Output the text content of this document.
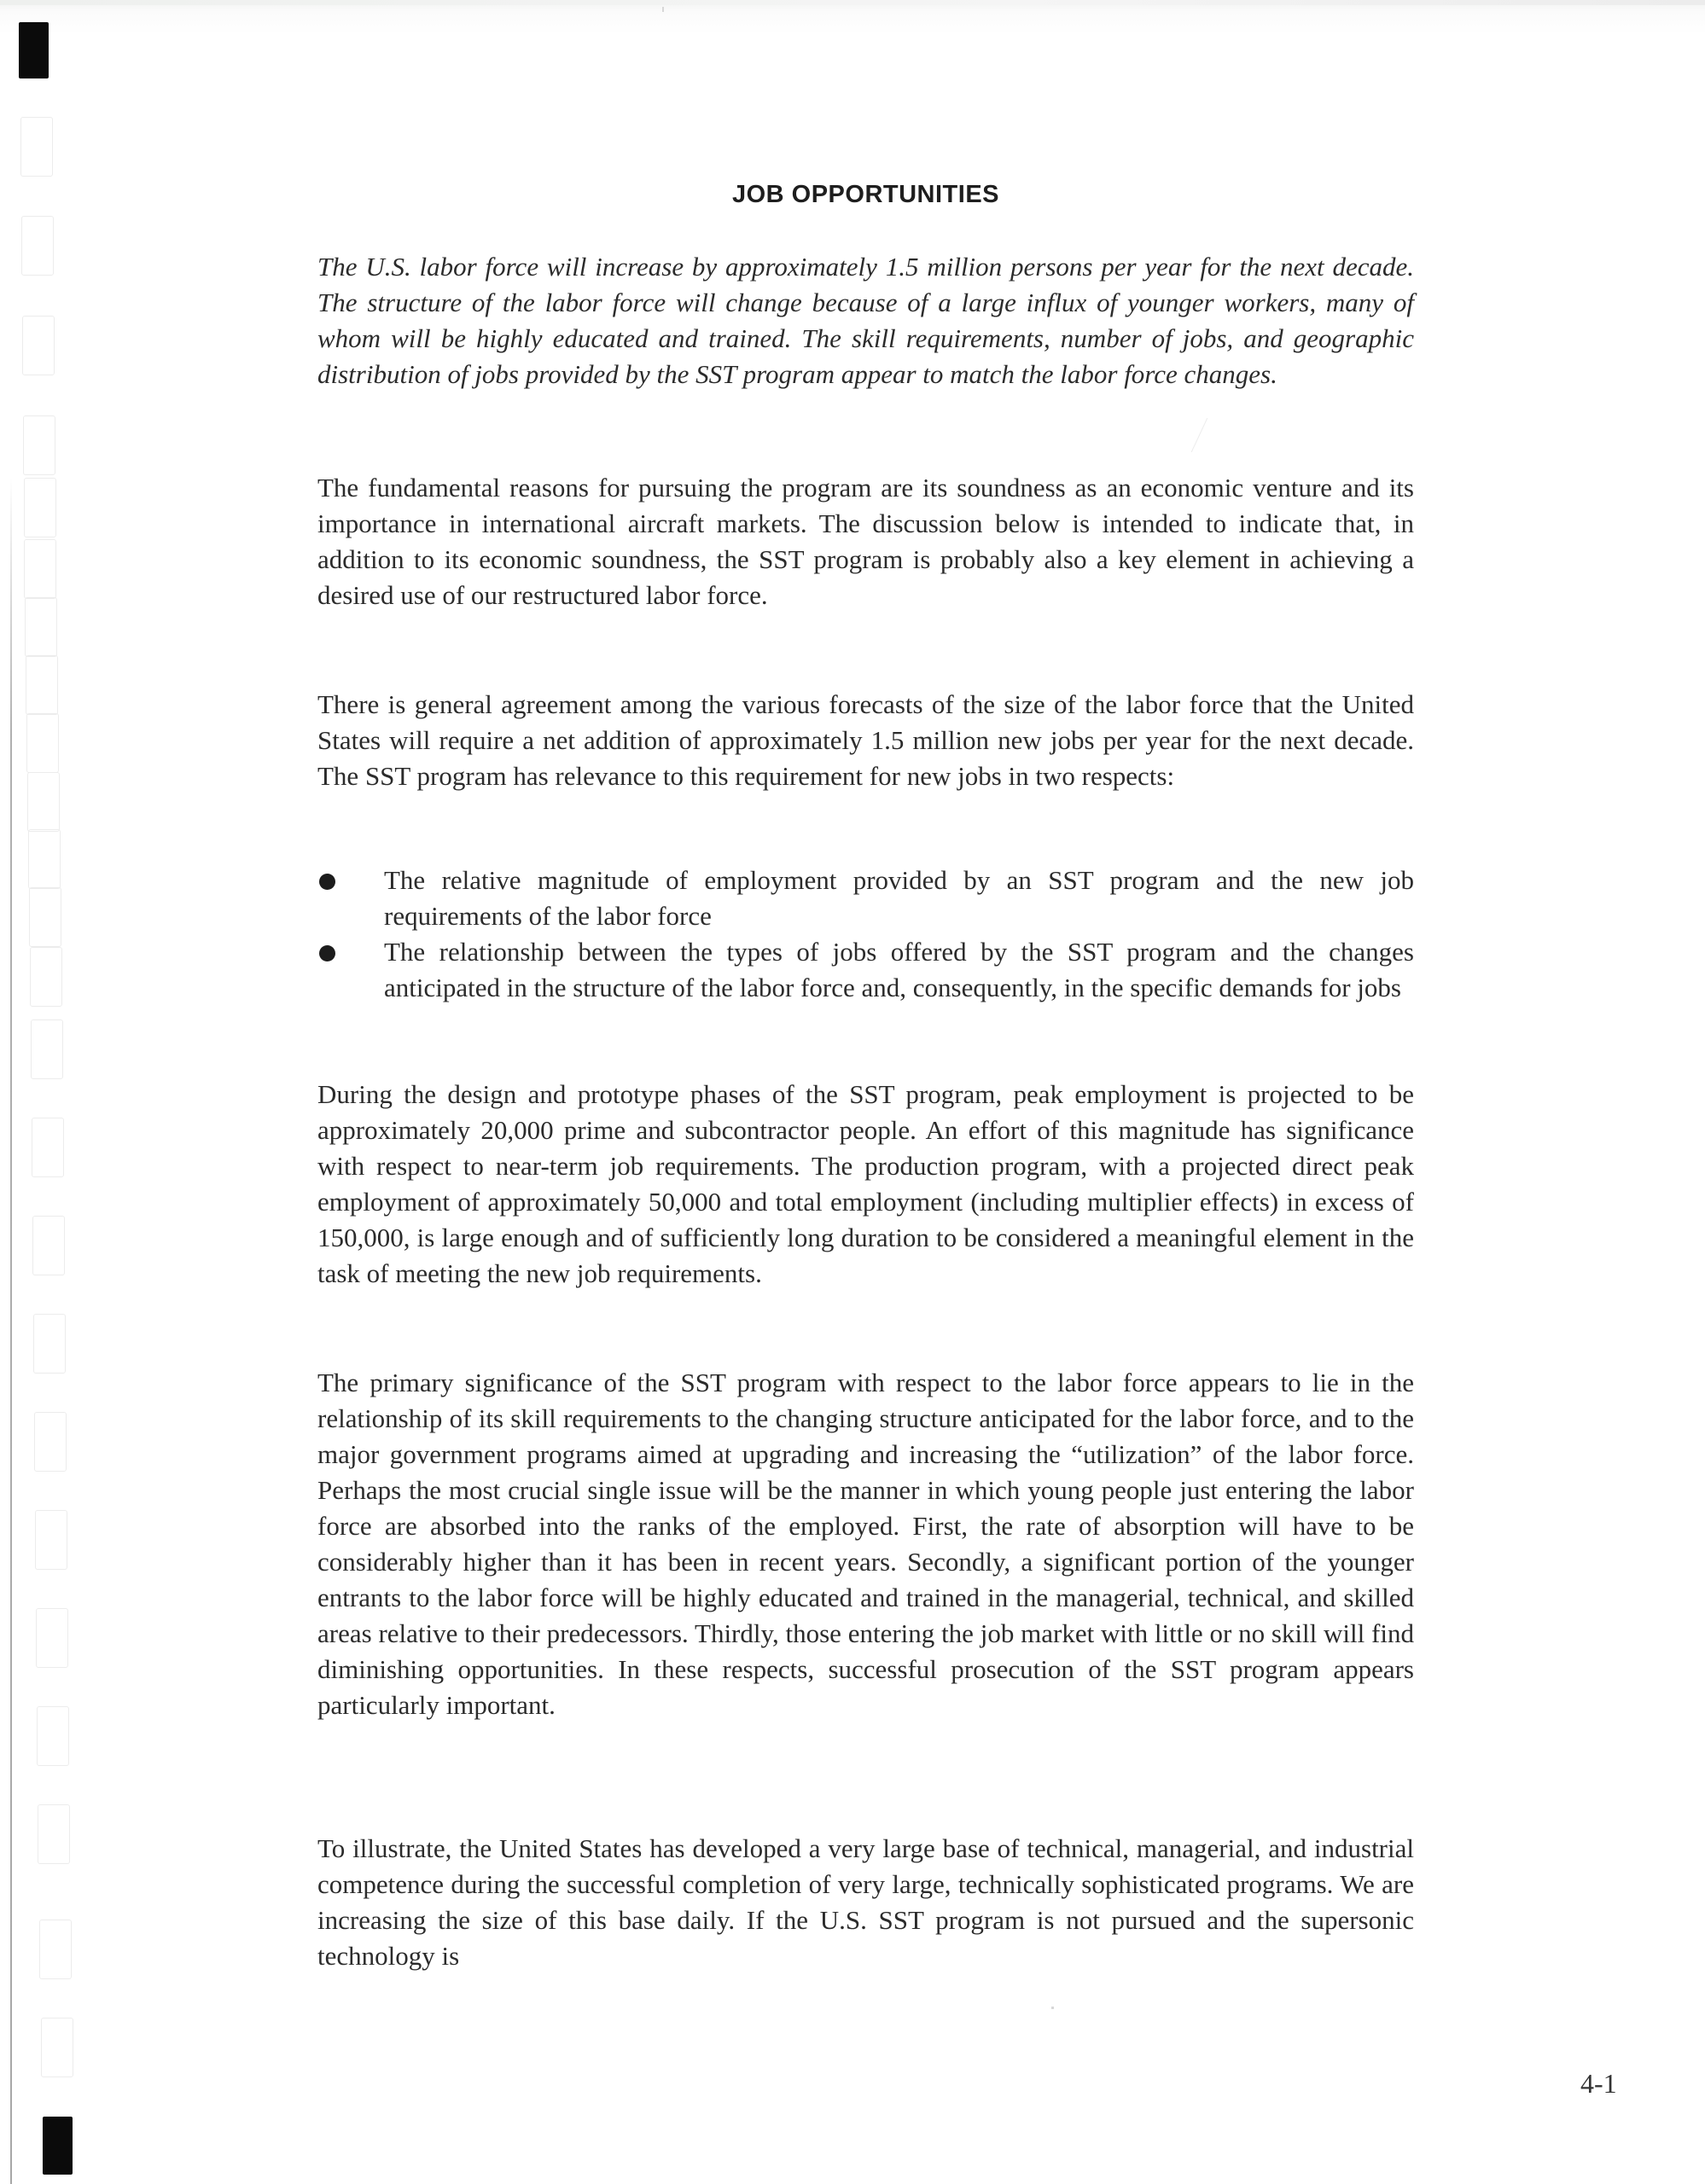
JOB OPPORTUNITIES

The U.S. labor force will increase by approximately 1.5 million persons per year for the next decade. The structure of the labor force will change because of a large influx of younger workers, many of whom will be highly educated and trained. The skill requirements, number of jobs, and geographic distribution of jobs provided by the SST program appear to match the labor force changes.

The fundamental reasons for pursuing the program are its soundness as an economic venture and its importance in international aircraft markets. The discussion below is intended to indicate that, in addition to its economic soundness, the SST program is probably also a key element in achieving a desired use of our restructured labor force.

There is general agreement among the various forecasts of the size of the labor force that the United States will require a net addition of approximately 1.5 million new jobs per year for the next decade. The SST program has relevance to this requirement for new jobs in two respects:

The relative magnitude of employment provided by an SST program and the new job requirements of the labor force
The relationship between the types of jobs offered by the SST program and the changes anticipated in the structure of the labor force and, consequently, in the specific demands for jobs

During the design and prototype phases of the SST program, peak employment is projected to be approximately 20,000 prime and subcontractor people. An effort of this magnitude has significance with respect to near-term job requirements. The production program, with a projected direct peak employment of approximately 50,000 and total employment (including multiplier effects) in excess of 150,000, is large enough and of sufficiently long duration to be considered a meaningful element in the task of meeting the new job requirements.

The primary significance of the SST program with respect to the labor force appears to lie in the relationship of its skill requirements to the changing structure anticipated for the labor force, and to the major government programs aimed at upgrading and increasing the “utilization” of the labor force. Perhaps the most crucial single issue will be the manner in which young people just entering the labor force are absorbed into the ranks of the employed. First, the rate of absorption will have to be considerably higher than it has been in recent years. Secondly, a significant portion of the younger entrants to the labor force will be highly educated and trained in the managerial, technical, and skilled areas relative to their predecessors. Thirdly, those entering the job market with little or no skill will find diminishing opportunities. In these respects, successful prosecution of the SST program appears particularly important.

To illustrate, the United States has developed a very large base of technical, managerial, and industrial competence during the successful completion of very large, technically sophisticated programs. We are increasing the size of this base daily. If the U.S. SST program is not pursued and the supersonic technology is

4-1
